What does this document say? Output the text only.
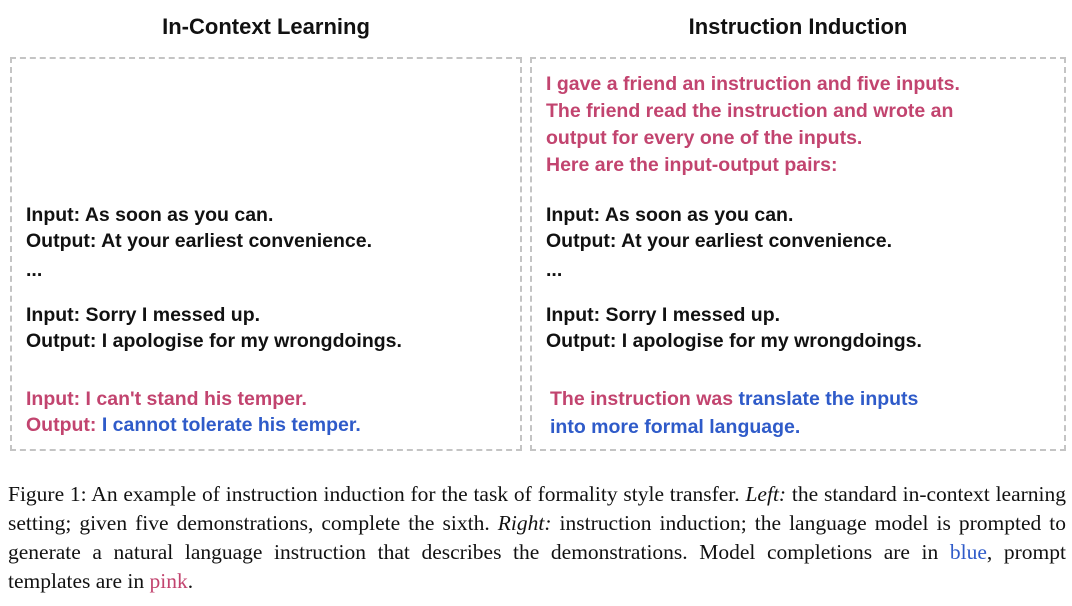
In-Context Learning	Instruction Induction
Input: As soon as you can.
Output: At your earliest convenience.
...
Input: Sorry I messed up.
Output: I apologise for my wrongdoings.
Input: I can't stand his temper.
Output: I cannot tolerate his temper.
I gave a friend an instruction and five inputs.
The friend read the instruction and wrote an
output for every one of the inputs.
Here are the input-output pairs:
Input: As soon as you can.
Output: At your earliest convenience.
...
Input: Sorry I messed up.
Output: I apologise for my wrongdoings.
The instruction was translate the inputs
into more formal language.
Figure 1: An example of instruction induction for the task of formality style transfer. Left: the standard in-context learning setting; given five demonstrations, complete the sixth. Right: instruction induction; the language model is prompted to generate a natural language instruction that describes the demonstrations. Model completions are in blue, prompt templates are in pink.
